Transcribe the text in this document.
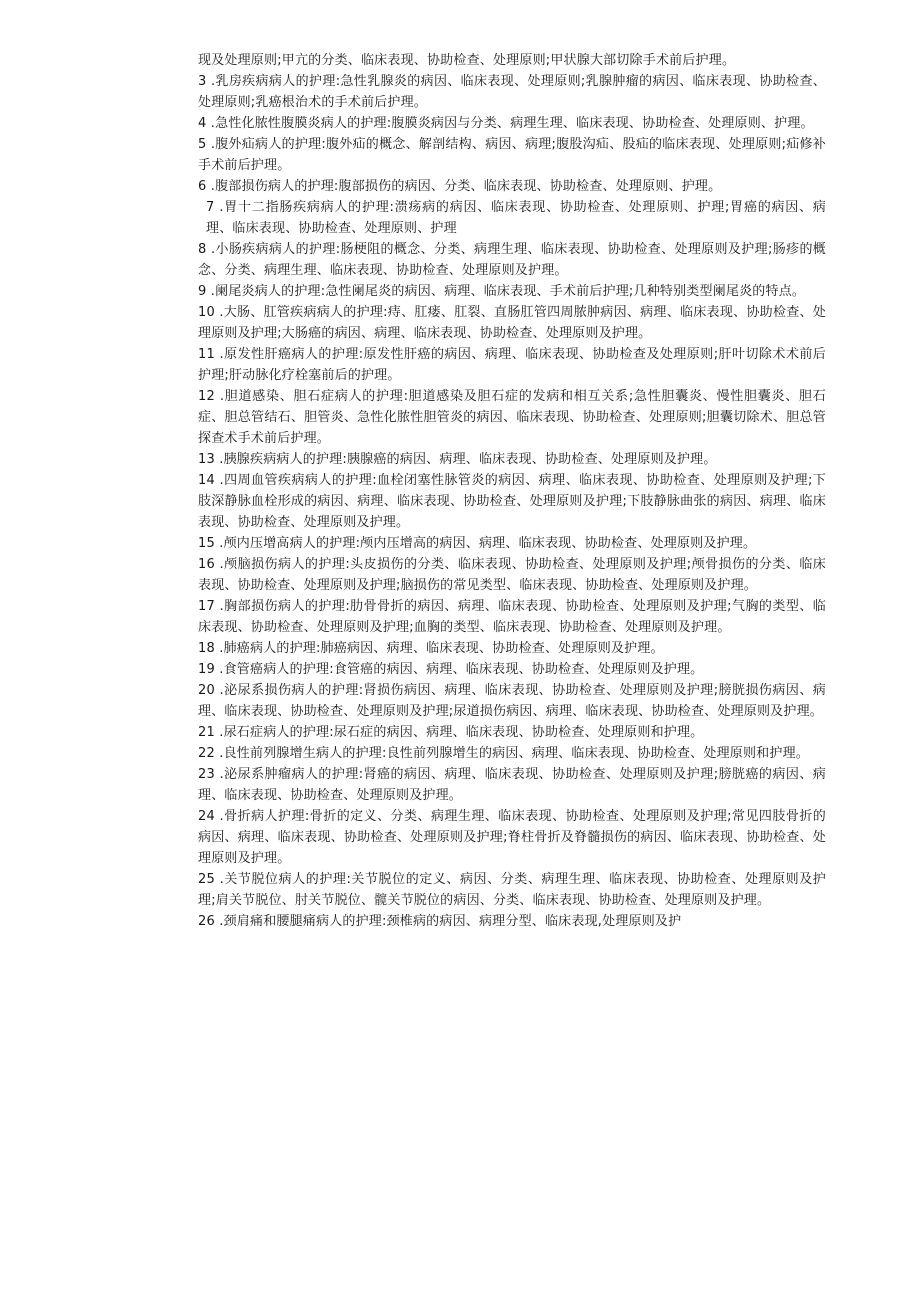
现及处理原则;甲亢的分类、临床表现、协助检查、处理原则;甲状腺大部切除手术前后护理。

3 .乳房疾病病人的护理:急性乳腺炎的病因、临床表现、处理原则;乳腺肿瘤的病因、临床表现、协助检查、处理原则;乳癌根治术的手术前后护理。

4 .急性化脓性腹膜炎病人的护理:腹膜炎病因与分类、病理生理、临床表现、协助检查、处理原则、护理。

5 .腹外疝病人的护理:腹外疝的概念、解剖结构、病因、病理;腹股沟疝、股疝的临床表现、处理原则;疝修补手术前后护理。

6 .腹部损伤病人的护理:腹部损伤的病因、分类、临床表现、协助检查、处理原则、护理。

7 .胃十二指肠疾病病人的护理:溃疡病的病因、临床表现、协助检查、处理原则、护理;胃癌的病因、病理、临床表现、协助检查、处理原则、护理

8 .小肠疾病病人的护理:肠梗阻的概念、分类、病理生理、临床表现、协助检查、处理原则及护理;肠疹的概念、分类、病理生理、临床表现、协助检查、处理原则及护理。

9 .阑尾炎病人的护理:急性阑尾炎的病因、病理、临床表现、手术前后护理;几种特别类型阑尾炎的特点。

10 .大肠、肛管疾病病人的护理:痔、肛瘘、肛裂、直肠肛管四周脓肿病因、病理、临床表现、协助检查、处理原则及护理;大肠癌的病因、病理、临床表现、协助检查、处理原则及护理。

11 .原发性肝癌病人的护理:原发性肝癌的病因、病理、临床表现、协助检查及处理原则;肝叶切除术术前后护理;肝动脉化疗栓塞前后的护理。

12 .胆道感染、胆石症病人的护理:胆道感染及胆石症的发病和相互关系;急性胆囊炎、慢性胆囊炎、胆石症、胆总管结石、胆管炎、急性化脓性胆管炎的病因、临床表现、协助检查、处理原则;胆囊切除术、胆总管探查术手术前后护理。

13 .胰腺疾病病人的护理:胰腺癌的病因、病理、临床表现、协助检查、处理原则及护理。

14 .四周血管疾病病人的护理:血栓闭塞性脉管炎的病因、病理、临床表现、协助检查、处理原则及护理;下肢深静脉血栓形成的病因、病理、临床表现、协助检查、处理原则及护理;下肢静脉曲张的病因、病理、临床表现、协助检查、处理原则及护理。

15 .颅内压增高病人的护理:颅内压增高的病因、病理、临床表现、协助检查、处理原则及护理。

16 .颅脑损伤病人的护理:头皮损伤的分类、临床表现、协助检查、处理原则及护理;颅骨损伤的分类、临床表现、协助检查、处理原则及护理;脑损伤的常见类型、临床表现、协助检查、处理原则及护理。

17 .胸部损伤病人的护理:肋骨骨折的病因、病理、临床表现、协助检查、处理原则及护理;气胸的类型、临床表现、协助检查、处理原则及护理;血胸的类型、临床表现、协助检查、处理原则及护理。

18 .肺癌病人的护理:肺癌病因、病理、临床表现、协助检查、处理原则及护理。

19 .食管癌病人的护理:食管癌的病因、病理、临床表现、协助检查、处理原则及护理。

20 .泌尿系损伤病人的护理:肾损伤病因、病理、临床表现、协助检查、处理原则及护理;膀胱损伤病因、病理、临床表现、协助检查、处理原则及护理;尿道损伤病因、病理、临床表现、协助检查、处理原则及护理。

21 .尿石症病人的护理:尿石症的病因、病理、临床表现、协助检查、处理原则和护理。

22 .良性前列腺增生病人的护理:良性前列腺增生的病因、病理、临床表现、协助检查、处理原则和护理。

23 .泌尿系肿瘤病人的护理:肾癌的病因、病理、临床表现、协助检查、处理原则及护理;膀胱癌的病因、病理、临床表现、协助检查、处理原则及护理。

24 .骨折病人护理:骨折的定义、分类、病理生理、临床表现、协助检查、处理原则及护理;常见四肢骨折的病因、病理、临床表现、协助检查、处理原则及护理;脊柱骨折及脊髓损伤的病因、临床表现、协助检查、处理原则及护理。

25 .关节脱位病人的护理:关节脱位的定义、病因、分类、病理生理、临床表现、协助检查、处理原则及护理;肩关节脱位、肘关节脱位、髋关节脱位的病因、分类、临床表现、协助检查、处理原则及护理。

26 .颈肩痛和腰腿痛病人的护理:颈椎病的病因、病理分型、临床表现,处理原则及护
